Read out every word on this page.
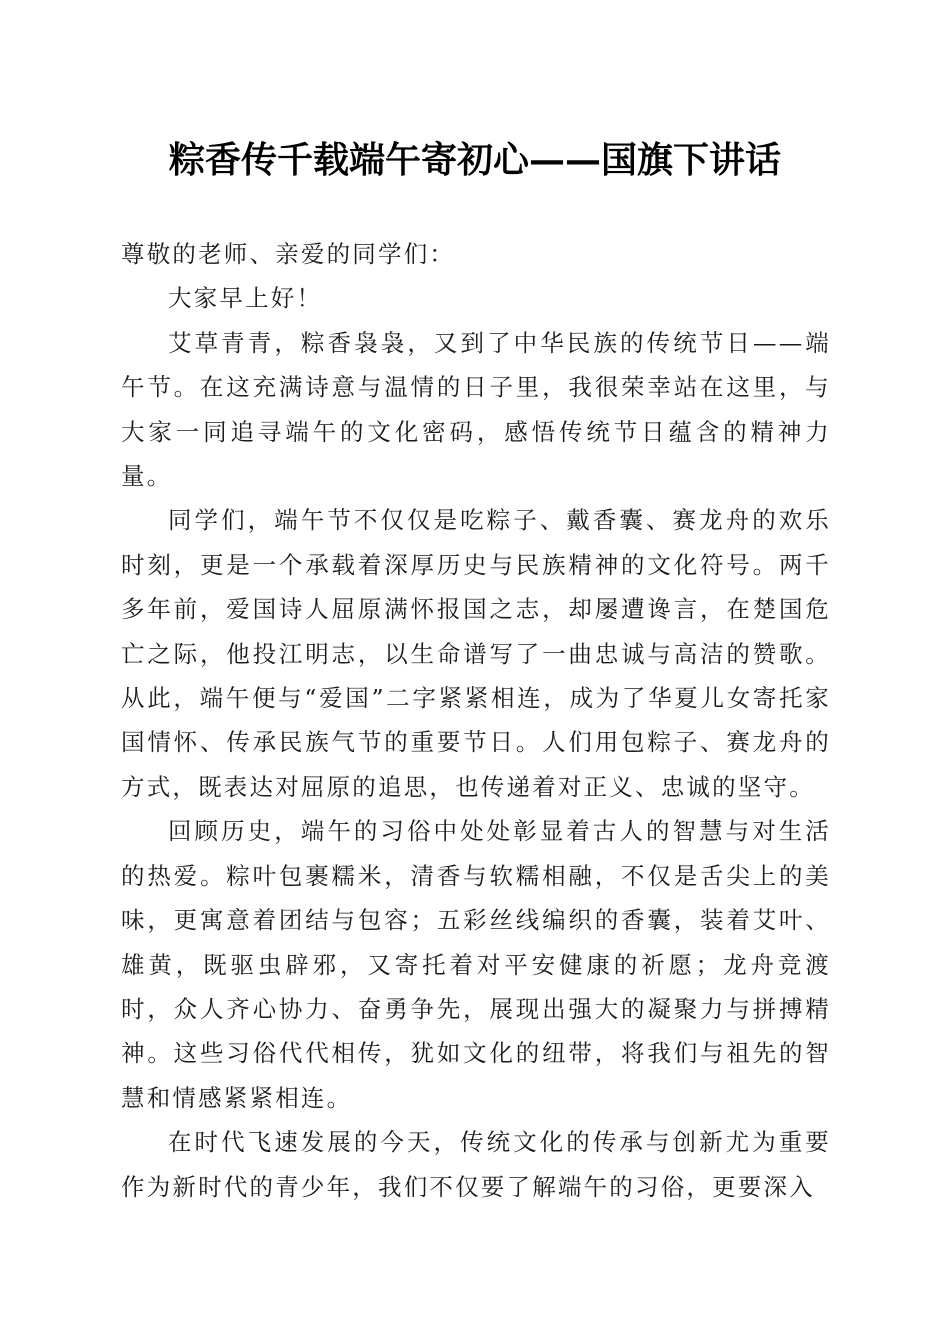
粽香传千载端午寄初心——国旗下讲话

尊敬的老师、亲爱的同学们：

大家早上好！

艾草青青，粽香袅袅，又到了中华民族的传统节日——端午节。在这充满诗意与温情的日子里，我很荣幸站在这里，与大家一同追寻端午的文化密码，感悟传统节日蕴含的精神力量。

同学们，端午节不仅仅是吃粽子、戴香囊、赛龙舟的欢乐时刻，更是一个承载着深厚历史与民族精神的文化符号。两千多年前，爱国诗人屈原满怀报国之志，却屡遭谗言，在楚国危亡之际，他投江明志，以生命谱写了一曲忠诚与高洁的赞歌。从此，端午便与“爱国”二字紧紧相连，成为了华夏儿女寄托家国情怀、传承民族气节的重要节日。人们用包粽子、赛龙舟的方式，既表达对屈原的追思，也传递着对正义、忠诚的坚守。

回顾历史，端午的习俗中处处彰显着古人的智慧与对生活的热爱。粽叶包裹糯米，清香与软糯相融，不仅是舌尖上的美味，更寓意着团结与包容；五彩丝线编织的香囊，装着艾叶、雄黄，既驱虫辟邪，又寄托着对平安健康的祈愿；龙舟竞渡时，众人齐心协力、奋勇争先，展现出强大的凝聚力与拼搏精神。这些习俗代代相传，犹如文化的纽带，将我们与祖先的智慧和情感紧紧相连。

在时代飞速发展的今天，传统文化的传承与创新尤为重要作为新时代的青少年，我们不仅要了解端午的习俗，更要深入
